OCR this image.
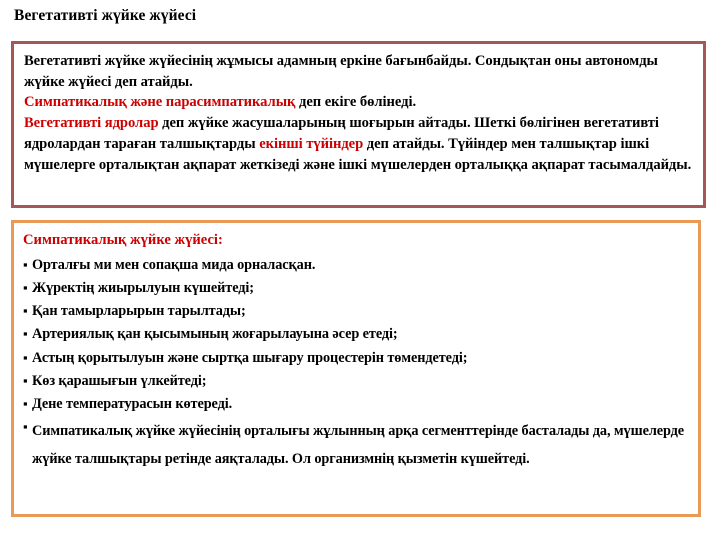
Вегетативті жүйке жүйесі

Вегетативті жүйке жүйесінің жұмысы адамның еркіне бағынбайды. Сондықтан оны автономды жүйке жүйесі деп атайды.

Симпатикалық және парасимпатикалық деп екіге бөлінеді.

Вегетативті ядролар деп жүйке жасушаларының шоғырын айтады. Шеткі бөлігінен вегетативті ядролардан тараған талшықтарды екінші түйіндер деп атайды. Түйіндер мен талшықтар ішкі мүшелерге орталықтан ақпарат жеткізеді және ішкі мүшелерден орталыққа ақпарат тасымалдайды.

Симпатикалық жүйке жүйесі:

▪ Орталғы ми мен сопақша мида орналасқан.
▪ Жүректің жиырылуын күшейтеді;
▪ Қан тамырларырын тарылтады;
▪ Артериялық қан қысымының жоғарылауына әсер етеді;
▪ Астың қорытылуын және сыртқа шығару процестерін төмендетеді;
▪ Көз қарашығын үлкейтеді;
▪ Дене температурасын көтереді.
▪ Симпатикалық жүйке жүйесінің орталығы жұлынның арқа сегменттерінде басталады да, мүшелерде жүйке талшықтары ретінде аяқталады. Ол организмнің қызметін күшейтеді.
